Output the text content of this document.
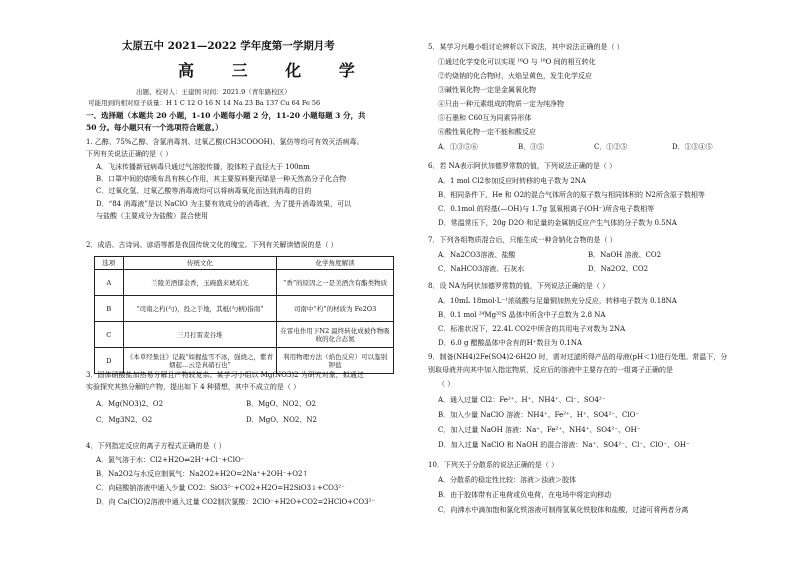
太原五中 2021—2022 学年度第一学期月考
高 三 化 学
出题、校对人：王建国 时间：2021.9（青年路校区）
可能用到的相对原子质量：H 1 C 12 O 16 N 14 Na 23 Ba 137 Cu 64 Fe 56
一、选择题（本题共 20 小题，1-10 小题每小题 2 分，11-20 小题每题 3 分，共
50 分。每小题只有一个选项符合题意。）
1. 乙醇、75%乙醇、含氯消毒剂、过氧乙酸(CH3COOOH)、氯仿等均可有效灭活病毒。
下列有关说法正确的是（ ）
A．飞沫传播新冠病毒只通过气溶胶传播，胶体粒子直径大于 100nm
B．口罩中间的熔喷布具有核心作用，其主要原料聚丙烯是一种天然高分子化合物
C．过氧化氢、过氧乙酸等消毒液均可以将病毒氧化而达到消毒的目的
D．“84 消毒液”是以 NaClO 为主要有效成分的消毒液，为了提升消毒效果，可以
与盐酸（主要成分为盐酸）混合使用
2．成语、古诗词、谚语等都是我国传统文化的瑰宝。下列有关解读错误的是（ ）
选项	传统文化	化学角度解读
A	兰陵美酒郁金香，玉碗盛来琥珀光	“香”的原因之一是美酒含有酯类物质
B	“司南之杓(勺)，投之于地，其柢(勺柄)指南”	司南中“杓”的材质为 Fe2O3
C	三月打雷麦谷堆	在雷电作用下N2 最终转化成被作物吸收的化合态氮
D	《本草经集注》记载“如握盐雪不冰，强烧之，紫青烟起…云是真硝石也”	利用物理方法（焰色反应）可以鉴别钾盐
3．固体硝酸盐加热易分解且产物较复杂。某学习小组以 Mg(NO3)2 为研究对象，拟通过
实验探究其热分解的产物，提出如下 4 种猜想，其中不成立的是（ ）
A．Mg(NO3)2、O2	B．MgO、NO2、O2
C．Mg3N2、O2	D．MgO、NO2、N2
4．下列指定反应的离子方程式正确的是（ ）
A．氯气溶于水：Cl2+H2O⇌2H⁺+Cl⁻+ClO⁻
B．Na2O2与水反应制氧气：Na2O2+H2O=2Na⁺+2OH⁻+O2↑
C．向硅酸钠溶液中通入少量 CO2：SiO3²⁻+CO2+H2O=H2SiO3↓+CO3²⁻
D．向 Ca(ClO)2溶液中通入过量 CO2制次氯酸：2ClO⁻+H2O+CO2=2HClO+CO3²⁻
5．某学习兴趣小组讨论辨析以下说法，其中说法正确的是（ ）
①通过化学变化可以实现 ¹⁶O 与 ¹⁸O 间的相互转化
②灼烧钠的化合物时，火焰呈黄色，发生化学反应
③碱性氧化物一定是金属氧化物
④只由一种元素组成的物质一定为纯净物
⑤石墨和 C60互为同素异形体
⑥酸性氧化物一定不能和酸反应
A．①③⑤⑥	B．③⑤	C．①②⑤	D．①③④⑤
6．若 NA表示阿伏加德罗常数的值，下列说法正确的是（ ）
A．1 mol Cl2参加反应时转移的电子数为 2NA
B．相同条件下，He 和 O2的混合气体所含的原子数与相同体积的 N2所含原子数相等
C．0.1mol 的羟基(—OH)与 1.7g 氢氧根离子(OH⁻)所含电子数相等
D．常温常压下，20g D2O 和足量的金属钠反应产生气体的分子数为 0.5NA
7．下列各组物质混合后，只能生成一种含钠化合物的是（ ）
A．Na2CO3溶液、盐酸	B．NaOH 溶液、CO2
C．NaHCO3溶液、石灰水	D．Na2O2、CO2
8．设 NA为阿伏加德罗常数的值，下列说法正确的是（ ）
A．10mL 18mol·L⁻¹浓硫酸与足量铜加热充分反应，转移电子数为 0.18NA
B．0.1 mol ²⁴Mg³²S 晶体中所含中子总数为 2.8 NA
C．标准状况下，22.4L CO2中所含的共用电子对数为 2NA
D．6.0 g 醋酸晶体中含有的H⁺数目为 0.1NA
9．制备(NH4)2Fe(SO4)2·6H2O 时，需对过滤所得产品的母液(pH＜1)进行处理。常温下，分
别取母液并向其中加入指定物质，反应后的溶液中主要存在的一组离子正确的是
（ ）
A．通入过量 Cl2：Fe²⁺、H⁺、NH4⁺、Cl⁻、SO4²⁻
B．加入少量 NaClO 溶液：NH4⁺、Fe²⁺、H⁺、SO4²⁻、ClO⁻
C．加入过量 NaOH 溶液：Na⁺、Fe²⁺、NH4⁺、SO4²⁻、OH⁻
D．加入过量 NaClO 和 NaOH 的混合溶液：Na⁺、SO4²⁻、Cl⁻、ClO⁻、OH⁻
10．下列关于分散系的说法正确的是（ ）
A．分散系的稳定性比较：溶液＞浊液＞胶体
B．由于胶体带有正电荷或负电荷，在电场中将定向移动
C．向沸水中滴加饱和氯化铁溶液可制得氢氧化铁胶体和盐酸，过滤可将两者分离
